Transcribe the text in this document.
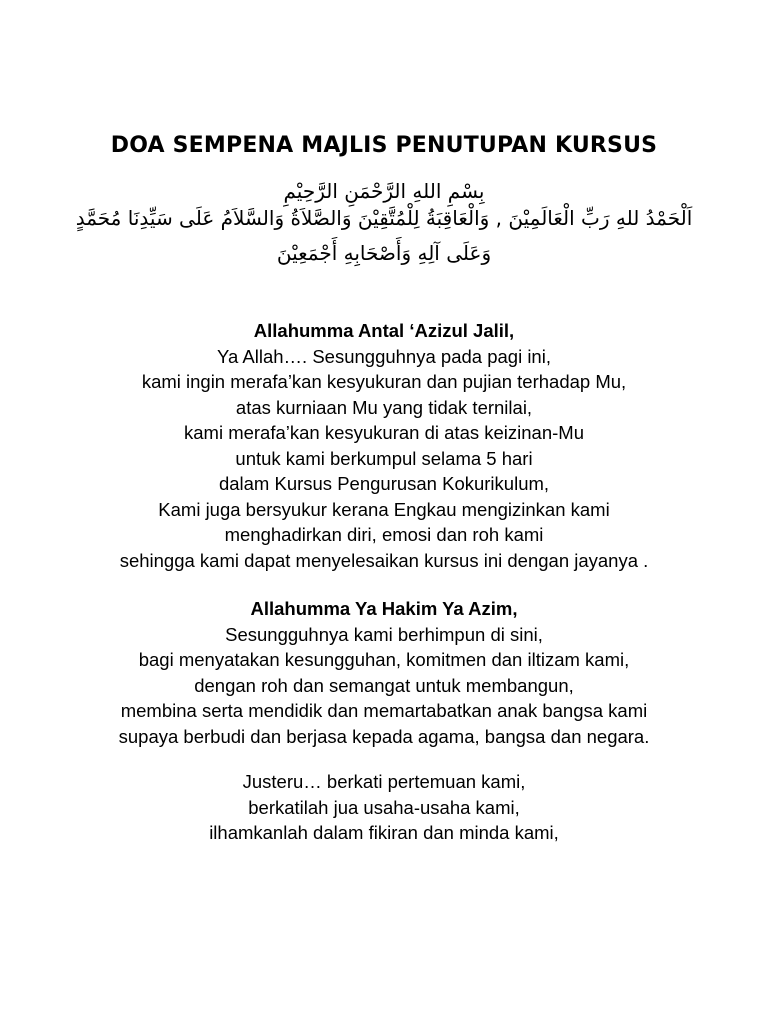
DOA SEMPENA MAJLIS PENUTUPAN KURSUS

بِسْمِ اللهِ الرَّحْمَنِ الرَّحِيْمِ

اَلْحَمْدُ للهِ رَبِّ الْعَالَمِيْنَ , وَالْعَاقِبَةُ لِلْمُتَّقِيْنَ وَالصَّلاَةُ وَالسَّلاَمُ عَلَى سَيِّدِنَا مُحَمَّدٍ

وَعَلَى آلِهِ وَأَصْحَابِهِ أَجْمَعِيْنَ

Allahumma Antal ‘Azizul Jalil,
Ya Allah…. Sesungguhnya pada pagi ini,
kami ingin merafa’kan kesyukuran dan pujian terhadap Mu,
atas kurniaan Mu yang tidak ternilai,
kami merafa’kan kesyukuran di atas keizinan-Mu
untuk kami berkumpul selama 5 hari
dalam Kursus Pengurusan Kokurikulum,
Kami juga bersyukur kerana Engkau mengizinkan kami
menghadirkan diri, emosi dan roh kami
sehingga kami dapat menyelesaikan kursus ini dengan jayanya .
Allahumma Ya Hakim Ya Azim,
Sesungguhnya kami berhimpun di sini,
bagi menyatakan kesungguhan, komitmen dan iltizam kami,
dengan roh dan semangat untuk membangun,
membina serta mendidik dan memartabatkan anak bangsa kami
supaya berbudi dan berjasa kepada agama, bangsa dan negara.
Justeru… berkati pertemuan kami,
berkatilah jua usaha-usaha kami,
ilhamkanlah dalam fikiran dan minda kami,
